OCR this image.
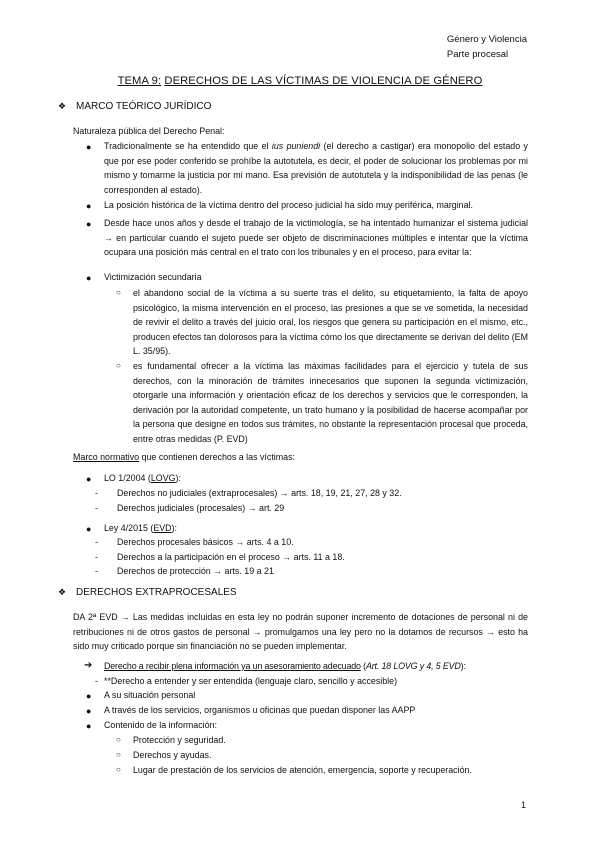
Género y Violencia
Parte procesal
TEMA 9: DERECHOS DE LAS VÍCTIMAS DE VIOLENCIA DE GÉNERO
❖ MARCO TEÓRICO JURÍDICO
Naturaleza pública del Derecho Penal:
● Tradicionalmente se ha entendido que el ius puniendi (el derecho a castigar) era monopolio del estado y que por ese poder conferido se prohíbe la autotutela, es decir, el poder de solucionar los problemas por mi mismo y tomarme la justicia por mi mano. Esa previsión de autotutela y la indisponibilidad de las penas (le corresponden al estado).
● La posición histórica de la víctima dentro del proceso judicial ha sido muy periférica, marginal.
● Desde hace unos años y desde el trabajo de la victimología, se ha intentado humanizar el sistema judicial → en particular cuando el sujeto puede ser objeto de discriminaciones múltiples e intentar que la víctima ocupara una posición más central en el trato con los tribunales y en el proceso, para evitar la:
● Victimización secundaria
○ el abandono social de la víctima a su suerte tras el delito, su etiquetamiento, la falta de apoyo psicológico, la misma intervención en el proceso, las presiones a que se ve sometida, la necesidad de revivir el delito a través del juicio oral, los riesgos que genera su participación en el mismo, etc., producen efectos tan dolorosos para la víctima cómo los que directamente se derivan del delito (EM L. 35/95).
○ es fundamental ofrecer a la víctima las máximas facilidades para el ejercicio y tutela de sus derechos, con la minoración de trámites innecesarios que suponen la segunda victimización, otorgarle una información y orientación eficaz de los derechos y servicios que le corresponden, la derivación por la autoridad competente, un trato humano y la posibilidad de hacerse acompañar por la persona que designe en todos sus trámites, no obstante la representación procesal que proceda, entre otras medidas (P. EVD)
Marco normativo que contienen derechos a las víctimas:
● LO 1/2004 (LOVG):
- Derechos no judiciales (extraprocesales) → arts. 18, 19, 21, 27, 28 y 32.
- Derechos judiciales (procesales) → art. 29
● Ley 4/2015 (EVD):
- Derechos procesales básicos → arts. 4 a 10.
- Derechos a la participación en el proceso → arts. 11 a 18.
- Derechos de protección → arts. 19 a 21
❖ DERECHOS EXTRAPROCESALES
DA 2ª EVD → Las medidas incluidas en esta ley no podrán suponer incremento de dotaciones de personal ni de retribuciones ni de otros gastos de personal → promulgamos una ley pero no la dotamos de recursos → esto ha sido muy criticado porque sin financiación no se pueden implementar.
➔ Derecho a recibir plena información ya un asesoramiento adecuado (Art. 18 LOVG y 4, 5 EVD):
- **Derecho a entender y ser entendida (lenguaje claro, sencillo y accesible)
● A su situación personal
● A través de los servicios, organismos u oficinas que puedan disponer las AAPP
● Contenido de la información:
○ Protección y seguridad.
○ Derechos y ayudas.
○ Lugar de prestación de los servicios de atención, emergencia, soporte y recuperación.
1
